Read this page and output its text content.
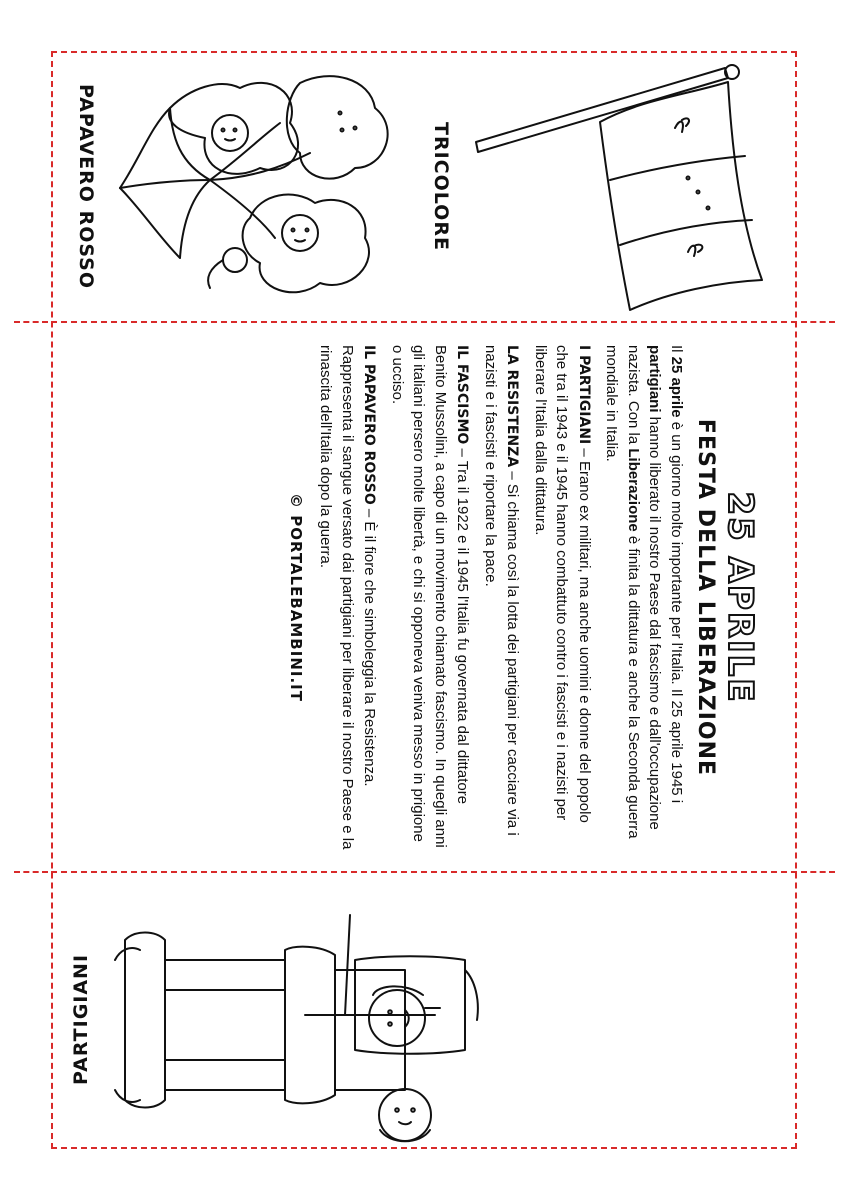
TRICOLORE
PAPAVERO ROSSO
25 APRILE
FESTA DELLA LIBERAZIONE

Il 25 aprile è un giorno molto importante per l'Italia. Il 25 aprile 1945 i partigiani hanno liberato il nostro Paese dal fascismo e dall'occupazione nazista. Con la Liberazione è finita la dittatura e anche la Seconda guerra mondiale in Italia.

I PARTIGIANI – Erano ex militari, ma anche uomini e donne del popolo che tra il 1943 e il 1945 hanno combattuto contro i fascisti e i nazisti per liberare l'Italia dalla dittatura.

LA RESISTENZA – Si chiama così la lotta dei partigiani per cacciare via i nazisti e i fascisti e riportare la pace.

IL FASCISMO – Tra il 1922 e il 1945 l'Italia fu governata dal dittatore Benito Mussolini, a capo di un movimento chiamato fascismo. In quegli anni gli italiani persero molte libertà, e chi si opponeva veniva messo in prigione o ucciso.

IL PAPAVERO ROSSO – È il fiore che simboleggia la Resistenza. Rappresenta il sangue versato dai partigiani per liberare il nostro Paese e la rinascita dell'Italia dopo la guerra.

© PORTALEBAMBINI.IT
PARTIGIANI
